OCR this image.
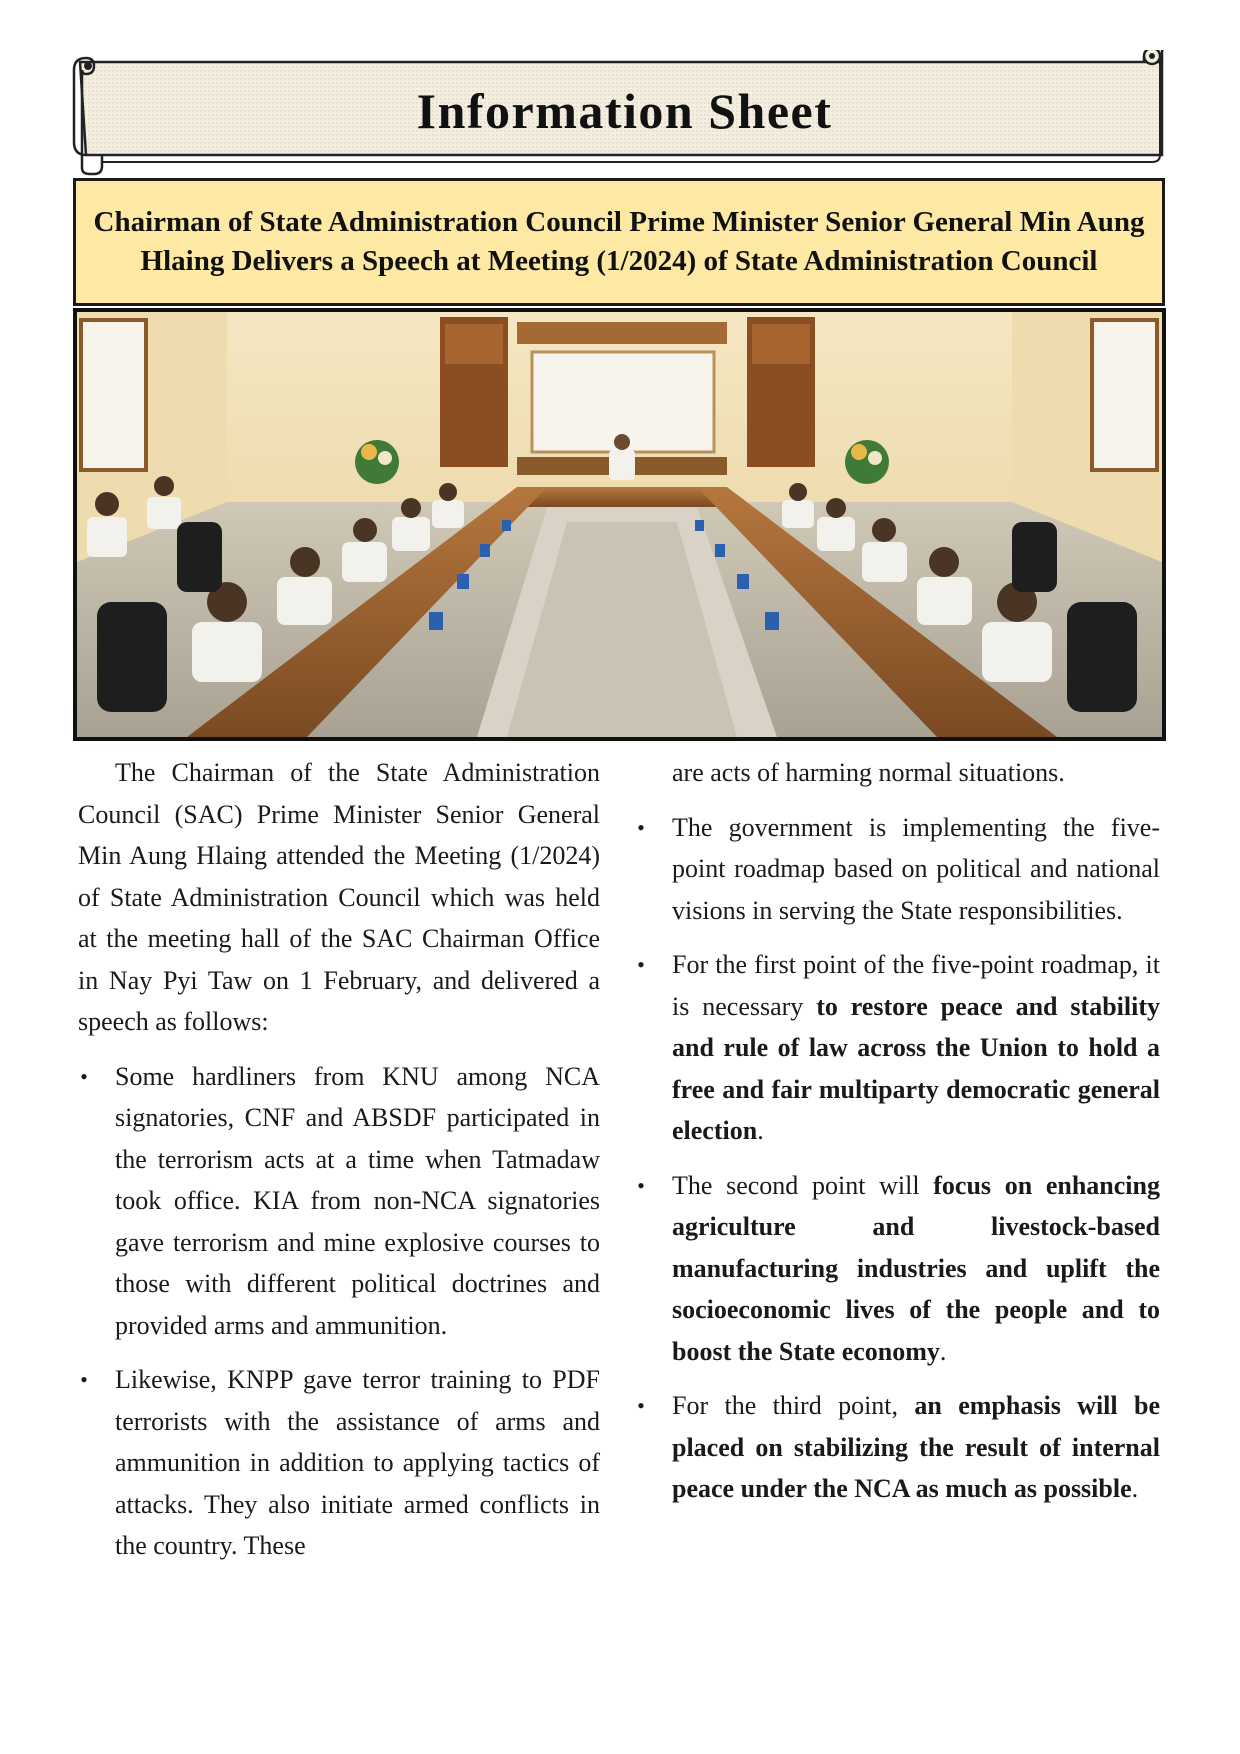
Information Sheet
Chairman of State Administration Council Prime Minister Senior General Min Aung Hlaing Delivers a Speech at Meeting (1/2024) of State Administration Council

The Chairman of the State Administration Council (SAC) Prime Minister Senior General Min Aung Hlaing attended the Meeting (1/2024) of State Administration Council which was held at the meeting hall of the SAC Chairman Office in Nay Pyi Taw on 1 February, and delivered a speech as follows:

• Some hardliners from KNU among NCA signatories, CNF and ABSDF participated in the terrorism acts at a time when Tatmadaw took office. KIA from non-NCA signatories gave terrorism and mine explosive courses to those with different political doctrines and provided arms and ammunition.
• Likewise, KNPP gave terror training to PDF terrorists with the assistance of arms and ammunition in addition to applying tactics of attacks. They also initiate armed conflicts in the country. These

are acts of harming normal situations.

• The government is implementing the five-point roadmap based on political and national visions in serving the State responsibilities.
• For the first point of the five-point roadmap, it is necessary to restore peace and stability and rule of law across the Union to hold a free and fair multiparty democratic general election.
• The second point will focus on enhancing agriculture and livestock-based manufacturing industries and uplift the socioeconomic lives of the people and to boost the State economy.
• For the third point, an emphasis will be placed on stabilizing the result of internal peace under the NCA as much as possible.
